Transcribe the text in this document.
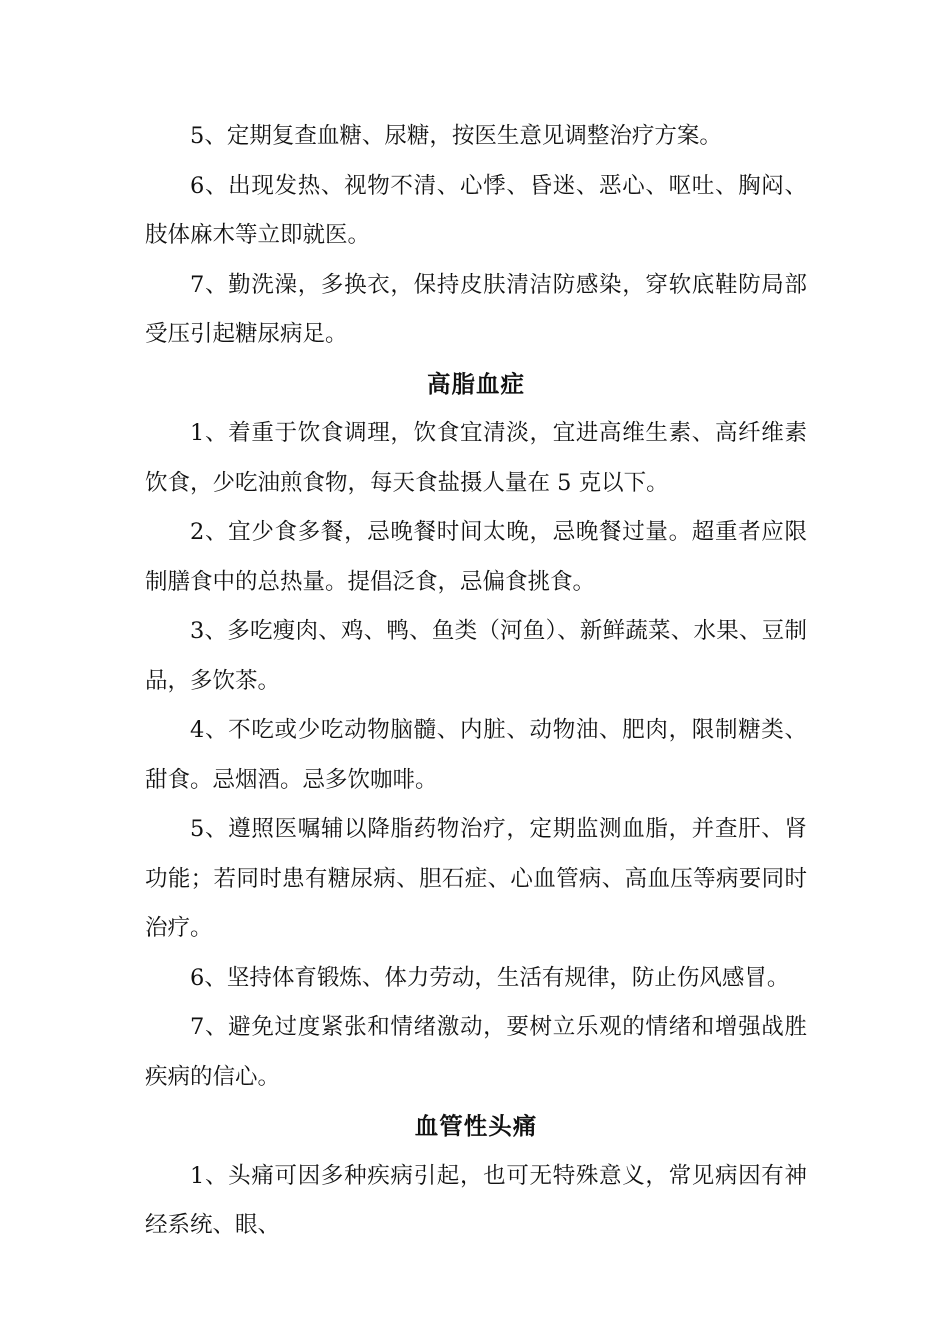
5、定期复查血糖、尿糖，按医生意见调整治疗方案。

6、出现发热、视物不清、心悸、昏迷、恶心、呕吐、胸闷、肢体麻木等立即就医。

7、勤洗澡，多换衣，保持皮肤清洁防感染，穿软底鞋防局部受压引起糖尿病足。

高脂血症

1、着重于饮食调理，饮食宜清淡，宜进高维生素、高纤维素饮食，少吃油煎食物，每天食盐摄人量在 5 克以下。

2、宜少食多餐，忌晚餐时间太晚，忌晚餐过量。超重者应限制膳食中的总热量。提倡泛食，忌偏食挑食。

3、多吃瘦肉、鸡、鸭、鱼类（河鱼）、新鲜蔬菜、水果、豆制品，多饮茶。

4、不吃或少吃动物脑髓、内脏、动物油、肥肉，限制糖类、甜食。忌烟酒。忌多饮咖啡。

5、遵照医嘱辅以降脂药物治疗，定期监测血脂，并查肝、肾功能；若同时患有糖尿病、胆石症、心血管病、高血压等病要同时治疗。

6、坚持体育锻炼、体力劳动，生活有规律，防止伤风感冒。

7、避免过度紧张和情绪激动，要树立乐观的情绪和增强战胜疾病的信心。

血管性头痛

1、头痛可因多种疾病引起，也可无特殊意义，常见病因有神经系统、眼、
